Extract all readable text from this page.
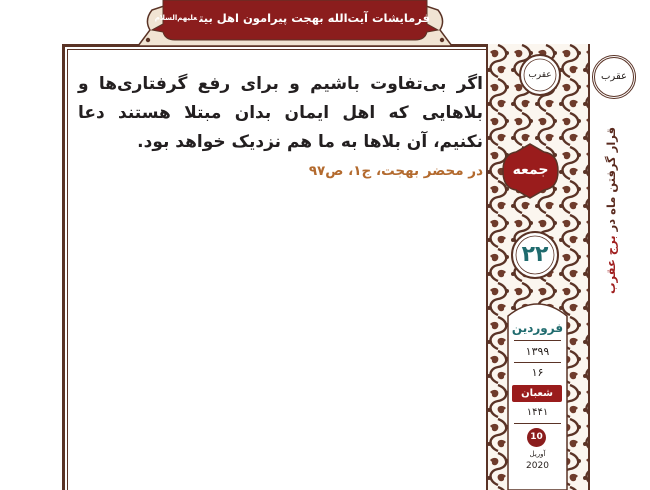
فرمایشات آیت‌الله بهجت پیرامون اهل بیت$^{علیهم‌السلام}$

اگر بی‌تفاوت باشیم و برای رفع گرفتاری‌ها و بلاهایی که اهل ایمان بدان مبتلا هستند دعا نکنیم، آن بلاها به ما هم نزدیک خواهد بود.

در محضر بهجت، ج۱، ص۹۷

عقرب
جمعه
۲۲
فروردین
۱۳۹۹
۱۶
شعبان
۱۴۴۱
10
آوریل
2020
عقرب
قرار گرفتن ماه در برج عقرب
